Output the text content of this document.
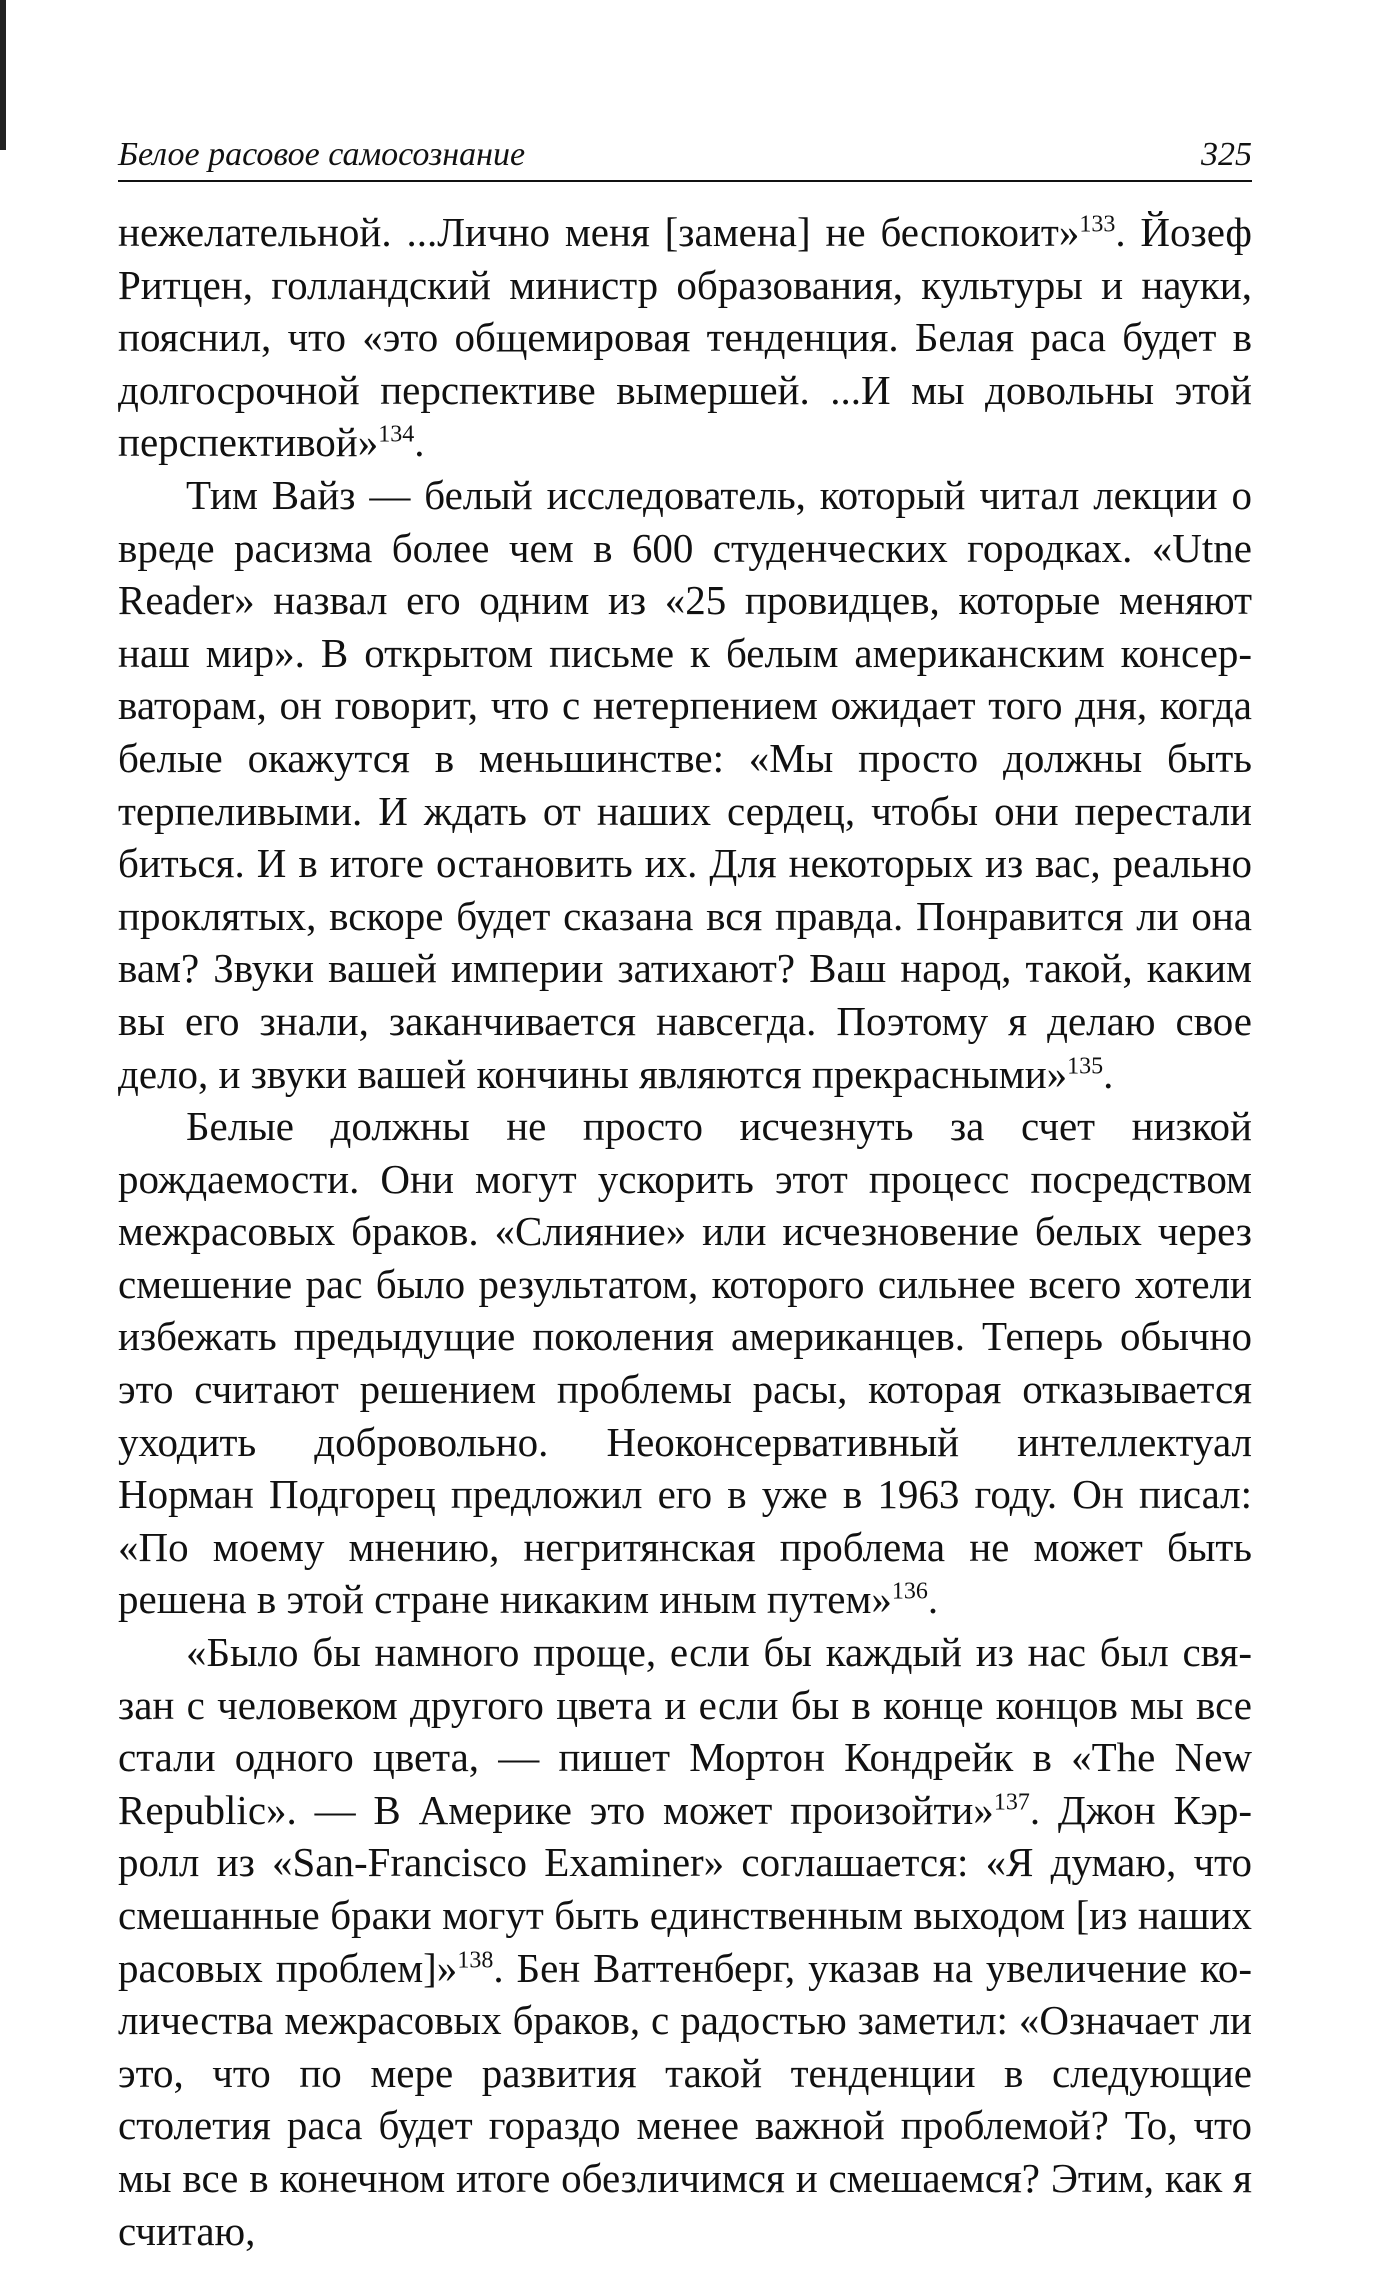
Белое расовое самосознание	325

нежелательной. ...Лично меня [замена] не беспокоит»$^{133}$. Йозеф Ритцен, голландский министр образования, культуры и науки, пояснил, что «это общемировая тенденция. Белая раса будет в долгосрочной перспективе вымершей. ...И мы довольны этой перспективой»$^{134}$.

Тим Вайз — белый исследователь, который читал лекции о вреде расизма более чем в 600 студенческих городках. «Utne Reader» назвал его одним из «25 провидцев, которые меняют наш мир». В открытом письме к белым американским консерваторам, он говорит, что с нетерпением ожидает того дня, когда белые окажутся в меньшинстве: «Мы просто должны быть терпеливыми. И ждать от наших сердец, чтобы они перестали биться. И в итоге остановить их. Для некоторых из вас, реально проклятых, вскоре будет сказана вся правда. Понравится ли она вам? Звуки вашей империи затихают? Ваш народ, такой, каким вы его знали, заканчивается навсегда. Поэтому я делаю свое дело, и звуки вашей кончины являются прекрасными»$^{135}$.

Белые должны не просто исчезнуть за счет низкой рождаемости. Они могут ускорить этот процесс посредством межрасовых браков. «Слияние» или исчезновение белых через смешение рас было результатом, которого сильнее всего хотели избежать предыдущие поколения американцев. Теперь обычно это считают решением проблемы расы, которая отказывается уходить добровольно. Неоконсервативный интеллектуал Норман Подгорец предложил его в уже в 1963 году. Он писал: «По моему мнению, негритянская проблема не может быть решена в этой стране никаким иным путем»$^{136}$.

«Было бы намного проще, если бы каждый из нас был связан с человеком другого цвета и если бы в конце концов мы все стали одного цвета, — пишет Мортон Кондрейк в «The New Republic». — В Америке это может произойти»$^{137}$. Джон Кэрролл из «San-Francisco Examiner» соглашается: «Я думаю, что смешанные браки могут быть единственным выходом [из наших расовых проблем]»$^{138}$. Бен Ваттенберг, указав на увеличение количества межрасовых браков, с радостью заметил: «Означает ли это, что по мере развития такой тенденции в следующие столетия раса будет гораздо менее важной проблемой? То, что мы все в конечном итоге обезличимся и смешаемся? Этим, как я считаю,
